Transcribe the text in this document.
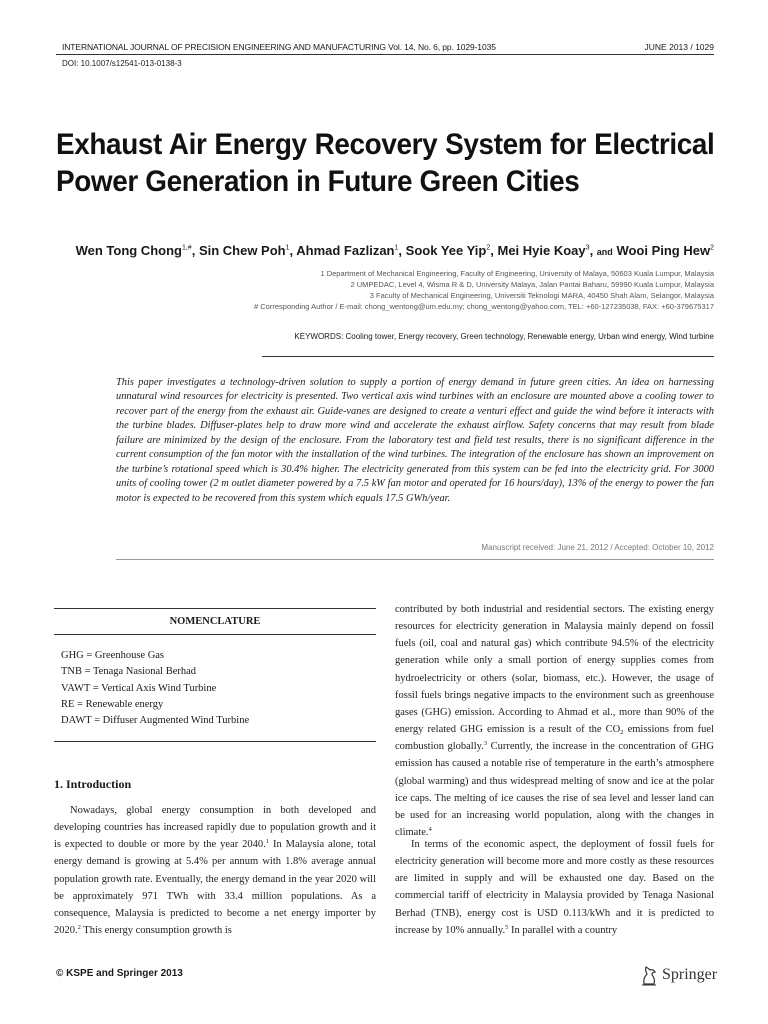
INTERNATIONAL JOURNAL OF PRECISION ENGINEERING AND MANUFACTURING Vol. 14, No. 6, pp. 1029-1035	JUNE 2013 / 1029
DOI: 10.1007/s12541-013-0138-3
Exhaust Air Energy Recovery System for Electrical Power Generation in Future Green Cities
Wen Tong Chong$^{1,\#}$, Sin Chew Poh$^1$, Ahmad Fazlizan$^1$, Sook Yee Yip$^2$, Mei Hyie Koay$^3$, and Wooi Ping Hew$^2$
1 Department of Mechanical Engineering, Faculty of Engineering, University of Malaya, 50603 Kuala Lumpur, Malaysia
2 UMPEDAC, Level 4, Wisma R & D, University Malaya, Jalan Pantai Baharu, 59990 Kuala Lumpur, Malaysia
3 Faculty of Mechanical Engineering, Universiti Teknologi MARA, 40450 Shah Alam, Selangor, Malaysia
# Corresponding Author / E-mail: chong_wentong@um.edu.my; chong_wentong@yahoo.com, TEL: +60-127235038, FAX: +60-379675317
KEYWORDS: Cooling tower, Energy recovery, Green technology, Renewable energy, Urban wind energy, Wind turbine
This paper investigates a technology-driven solution to supply a portion of energy demand in future green cities. An idea on harnessing unnatural wind resources for electricity is presented. Two vertical axis wind turbines with an enclosure are mounted above a cooling tower to recover part of the energy from the exhaust air. Guide-vanes are designed to create a venturi effect and guide the wind before it interacts with the turbine blades. Diffuser-plates help to draw more wind and accelerate the exhaust airflow. Safety concerns that may result from blade failure are minimized by the design of the enclosure. From the laboratory test and field test results, there is no significant difference in the current consumption of the fan motor with the installation of the wind turbines. The integration of the enclosure has shown an improvement on the turbine’s rotational speed which is 30.4% higher. The electricity generated from this system can be fed into the electricity grid. For 3000 units of cooling tower (2 m outlet diameter powered by a 7.5 kW fan motor and operated for 16 hours/day), 13% of the energy to power the fan motor is expected to be recovered from this system which equals 17.5 GWh/year.
Manuscript received: June 21, 2012 / Accepted: October 10, 2012
NOMENCLATURE
GHG = Greenhouse Gas
TNB = Tenaga Nasional Berhad
VAWT = Vertical Axis Wind Turbine
RE = Renewable energy
DAWT = Diffuser Augmented Wind Turbine
1. Introduction
Nowadays, global energy consumption in both developed and developing countries has increased rapidly due to population growth and it is expected to double or more by the year 2040.$^1$ In Malaysia alone, total energy demand is growing at 5.4% per annum with 1.8% average annual population growth rate. Eventually, the energy demand in the year 2020 will be approximately 971 TWh with 33.4 million populations. As a consequence, Malaysia is predicted to become a net energy importer by 2020.$^2$ This energy consumption growth is
contributed by both industrial and residential sectors. The existing energy resources for electricity generation in Malaysia mainly depend on fossil fuels (oil, coal and natural gas) which contribute 94.5% of the electricity generation while only a small portion of energy supplies comes from hydroelectricity or others (solar, biomass, etc.). However, the usage of fossil fuels brings negative impacts to the environment such as greenhouse gases (GHG) emission. According to Ahmad et al., more than 90% of the energy related GHG emission is a result of the $CO_2$ emissions from fuel combustion globally.$^3$ Currently, the increase in the concentration of GHG emission has caused a notable rise of temperature in the earth’s atmosphere (global warming) and thus widespread melting of snow and ice at the polar ice caps. The melting of ice causes the rise of sea level and lesser land can be used for an increasing world population, along with the changes in climate.$^4$
In terms of the economic aspect, the deployment of fossil fuels for electricity generation will become more and more costly as these resources are limited in supply and will be exhausted one day. Based on the commercial tariff of electricity in Malaysia provided by Tenaga Nasional Berhad (TNB), energy cost is USD 0.113/kWh and it is predicted to increase by 10% annually.$^5$ In parallel with a country
© KSPE and Springer 2013	Springer
